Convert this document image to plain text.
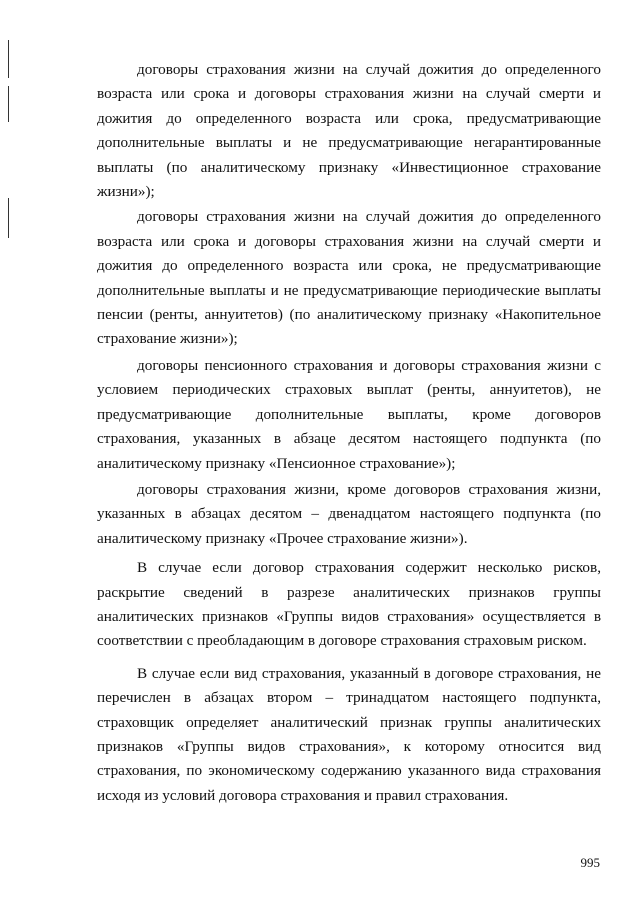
договоры страхования жизни на случай дожития до определенного возраста или срока и договоры страхования жизни на случай смерти и дожития до определенного возраста или срока, предусматривающие дополнительные выплаты и не предусматривающие негарантированные выплаты (по аналитическому признаку «Инвестиционное страхование жизни»);

договоры страхования жизни на случай дожития до определенного возраста или срока и договоры страхования жизни на случай смерти и дожития до определенного возраста или срока, не предусматривающие дополнительные выплаты и не предусматривающие периодические выплаты пенсии (ренты, аннуитетов) (по аналитическому признаку «Накопительное страхование жизни»);

договоры пенсионного страхования и договоры страхования жизни с условием периодических страховых выплат (ренты, аннуитетов), не предусматривающие дополнительные выплаты, кроме договоров страхования, указанных в абзаце десятом настоящего подпункта (по аналитическому признаку «Пенсионное страхование»);

договоры страхования жизни, кроме договоров страхования жизни, указанных в абзацах десятом – двенадцатом настоящего подпункта (по аналитическому признаку «Прочее страхование жизни»).

В случае если договор страхования содержит несколько рисков, раскрытие сведений в разрезе аналитических признаков группы аналитических признаков «Группы видов страхования» осуществляется в соответствии с преобладающим в договоре страхования страховым риском.

В случае если вид страхования, указанный в договоре страхования, не перечислен в абзацах втором – тринадцатом настоящего подпункта, страховщик определяет аналитический признак группы аналитических признаков «Группы видов страхования», к которому относится вид страхования, по экономическому содержанию указанного вида страхования исходя из условий договора страхования и правил страхования.

995
